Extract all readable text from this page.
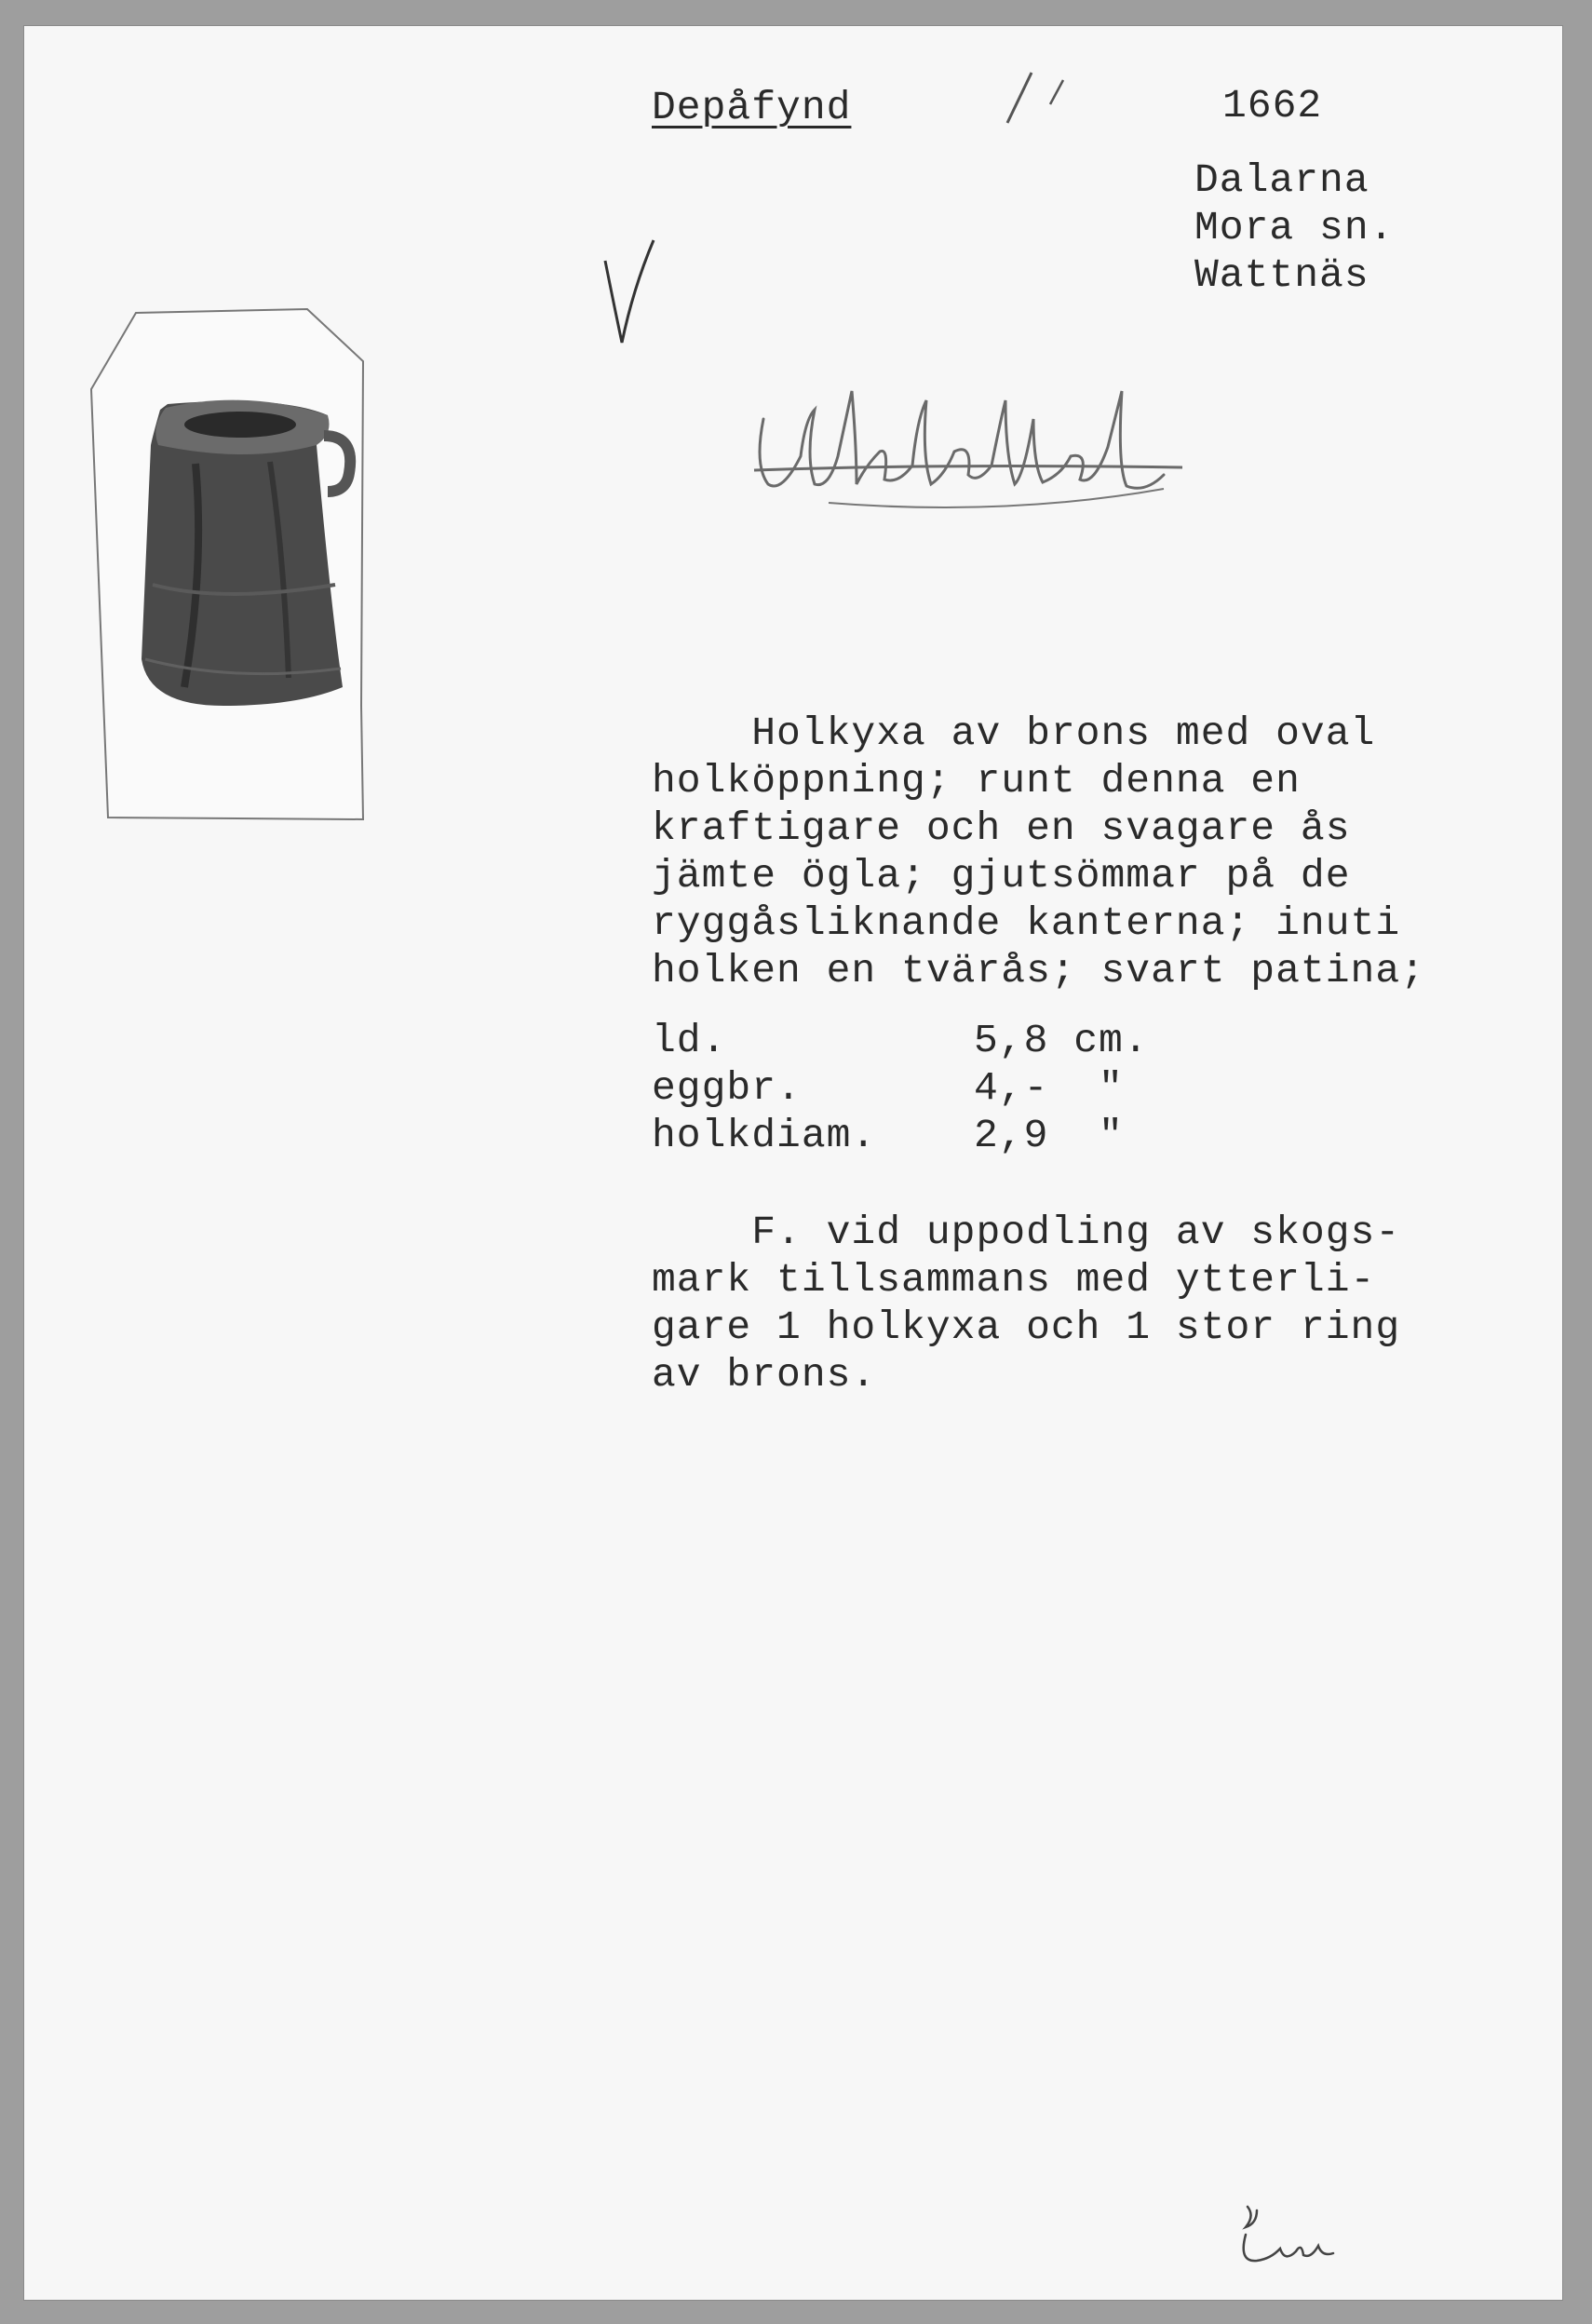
Depåfynd	1662
Dalarna
Mora sn.
Wattnäs
Holkyxa av brons med oval
holköppning; runt denna en
kraftigare och en svagare ås
jämte ögla; gjutsömmar på de
ryggåsliknande kanterna; inuti
holken en tvärås; svart patina;
ld.	5,8 cm.
eggbr.	4,-  "
holkdiam. 2,9  "
F. vid uppodling av skogs-
mark tillsammans med ytterli-
gare 1 holkyxa och 1 stor ring
av brons.
